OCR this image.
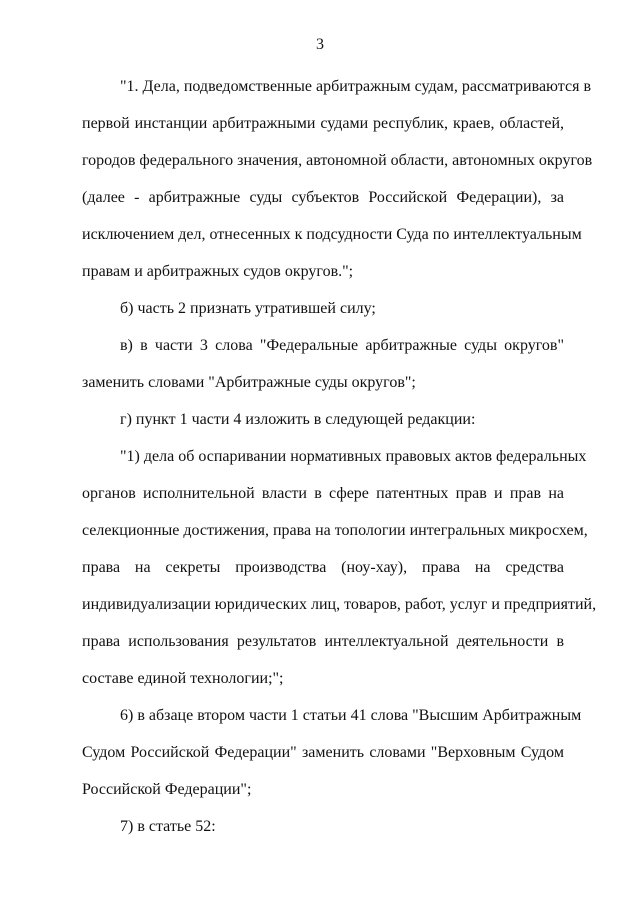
3
"1. Дела, подведомственные арбитражным судам, рассматриваются в
первой инстанции арбитражными судами республик, краев, областей,
городов федерального значения, автономной области, автономных округов
(далее - арбитражные суды субъектов Российской Федерации), за
исключением дел, отнесенных к подсудности Суда по интеллектуальным
правам и арбитражных судов округов.";
б) часть 2 признать утратившей силу;
в) в части 3 слова "Федеральные арбитражные суды округов"
заменить словами "Арбитражные суды округов";
г) пункт 1 части 4 изложить в следующей редакции:
"1) дела об оспаривании нормативных правовых актов федеральных
органов исполнительной власти в сфере патентных прав и прав на
селекционные достижения, права на топологии интегральных микросхем,
права на секреты производства (ноу-хау), права на средства
индивидуализации юридических лиц, товаров, работ, услуг и предприятий,
права использования результатов интеллектуальной деятельности в
составе единой технологии;";
6) в абзаце втором части 1 статьи 41 слова "Высшим Арбитражным
Судом Российской Федерации" заменить словами "Верховным Судом
Российской Федерации";
7) в статье 52:
